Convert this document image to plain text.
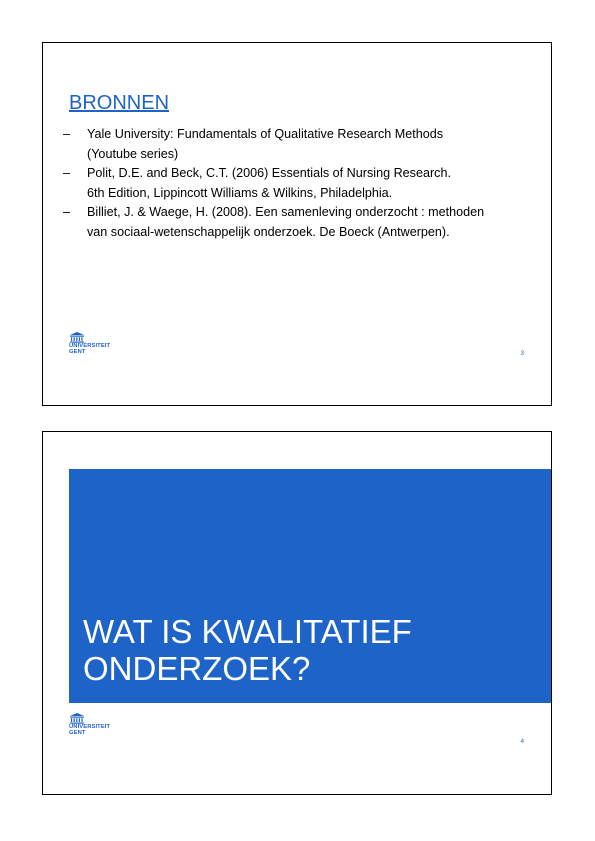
BRONNEN
– Yale University: Fundamentals of Qualitative Research Methods
(Youtube series)
– Polit, D.E. and Beck, C.T. (2006) Essentials of Nursing Research.
6th Edition, Lippincott Williams & Wilkins, Philadelphia.
– Billiet, J. & Waege, H. (2008). Een samenleving onderzocht : methoden
van sociaal-wetenschappelijk onderzoek. De Boeck (Antwerpen).
UNIVERSITEIT
GENT	3
WAT IS KWALITATIEF
ONDERZOEK?
UNIVERSITEIT
GENT
4
